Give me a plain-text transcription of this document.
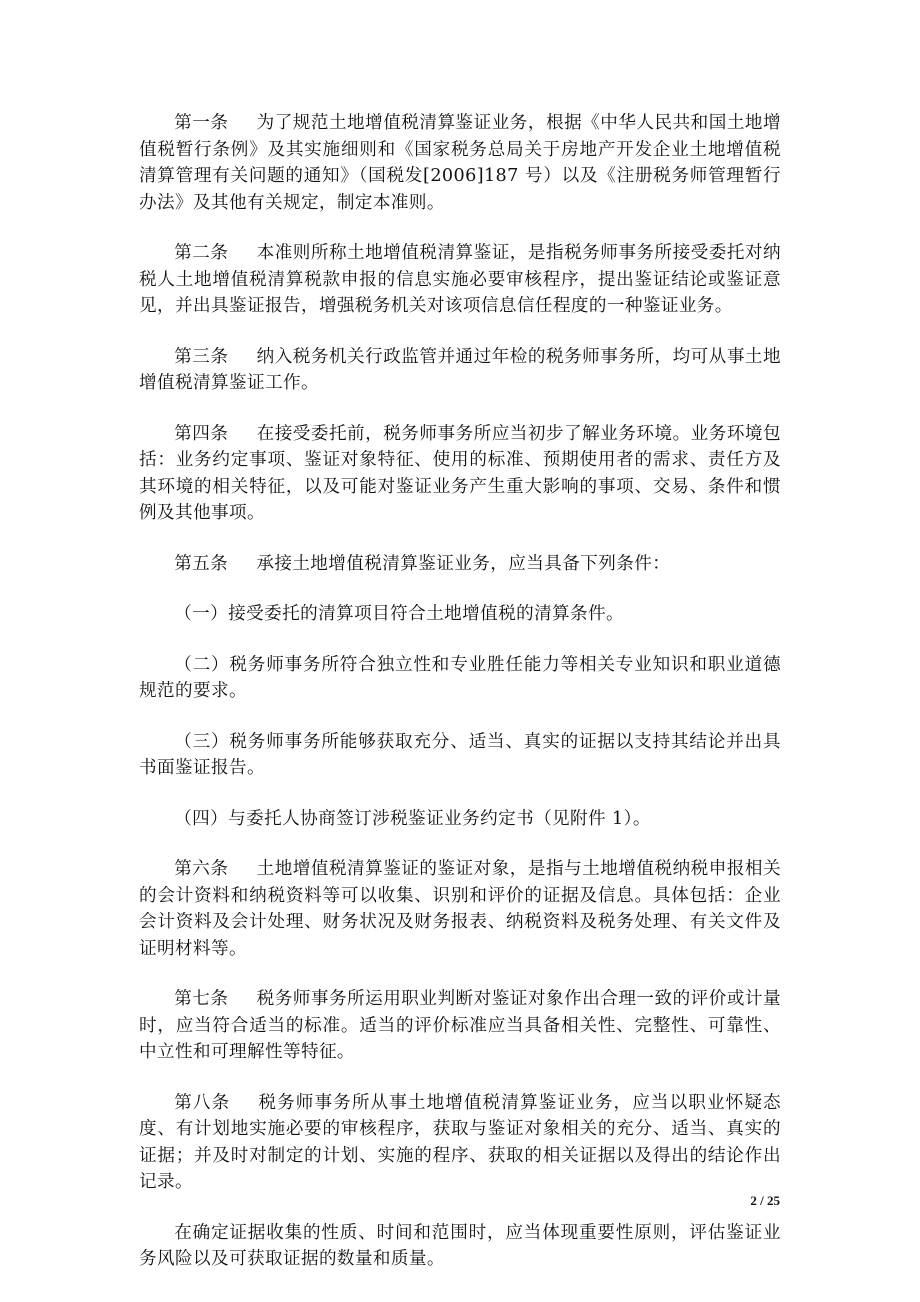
第一条 为了规范土地增值税清算鉴证业务，根据《中华人民共和国土地增值税暂行条例》及其实施细则和《国家税务总局关于房地产开发企业土地增值税清算管理有关问题的通知》（国税发[2006]187 号）以及《注册税务师管理暂行办法》及其他有关规定，制定本准则。

第二条 本准则所称土地增值税清算鉴证，是指税务师事务所接受委托对纳税人土地增值税清算税款申报的信息实施必要审核程序，提出鉴证结论或鉴证意见，并出具鉴证报告，增强税务机关对该项信息信任程度的一种鉴证业务。

第三条 纳入税务机关行政监管并通过年检的税务师事务所，均可从事土地增值税清算鉴证工作。

第四条 在接受委托前，税务师事务所应当初步了解业务环境。业务环境包括：业务约定事项、鉴证对象特征、使用的标准、预期使用者的需求、责任方及其环境的相关特征，以及可能对鉴证业务产生重大影响的事项、交易、条件和惯例及其他事项。

第五条 承接土地增值税清算鉴证业务，应当具备下列条件：

（一）接受委托的清算项目符合土地增值税的清算条件。

（二）税务师事务所符合独立性和专业胜任能力等相关专业知识和职业道德规范的要求。

（三）税务师事务所能够获取充分、适当、真实的证据以支持其结论并出具书面鉴证报告。

（四）与委托人协商签订涉税鉴证业务约定书（见附件 1）。

第六条 土地增值税清算鉴证的鉴证对象，是指与土地增值税纳税申报相关的会计资料和纳税资料等可以收集、识别和评价的证据及信息。具体包括：企业会计资料及会计处理、财务状况及财务报表、纳税资料及税务处理、有关文件及证明材料等。

第七条 税务师事务所运用职业判断对鉴证对象作出合理一致的评价或计量时，应当符合适当的标准。适当的评价标准应当具备相关性、完整性、可靠性、中立性和可理解性等特征。

第八条 税务师事务所从事土地增值税清算鉴证业务，应当以职业怀疑态度、有计划地实施必要的审核程序，获取与鉴证对象相关的充分、适当、真实的证据；并及时对制定的计划、实施的程序、获取的相关证据以及得出的结论作出记录。

在确定证据收集的性质、时间和范围时，应当体现重要性原则，评估鉴证业务风险以及可获取证据的数量和质量。

2 / 25
